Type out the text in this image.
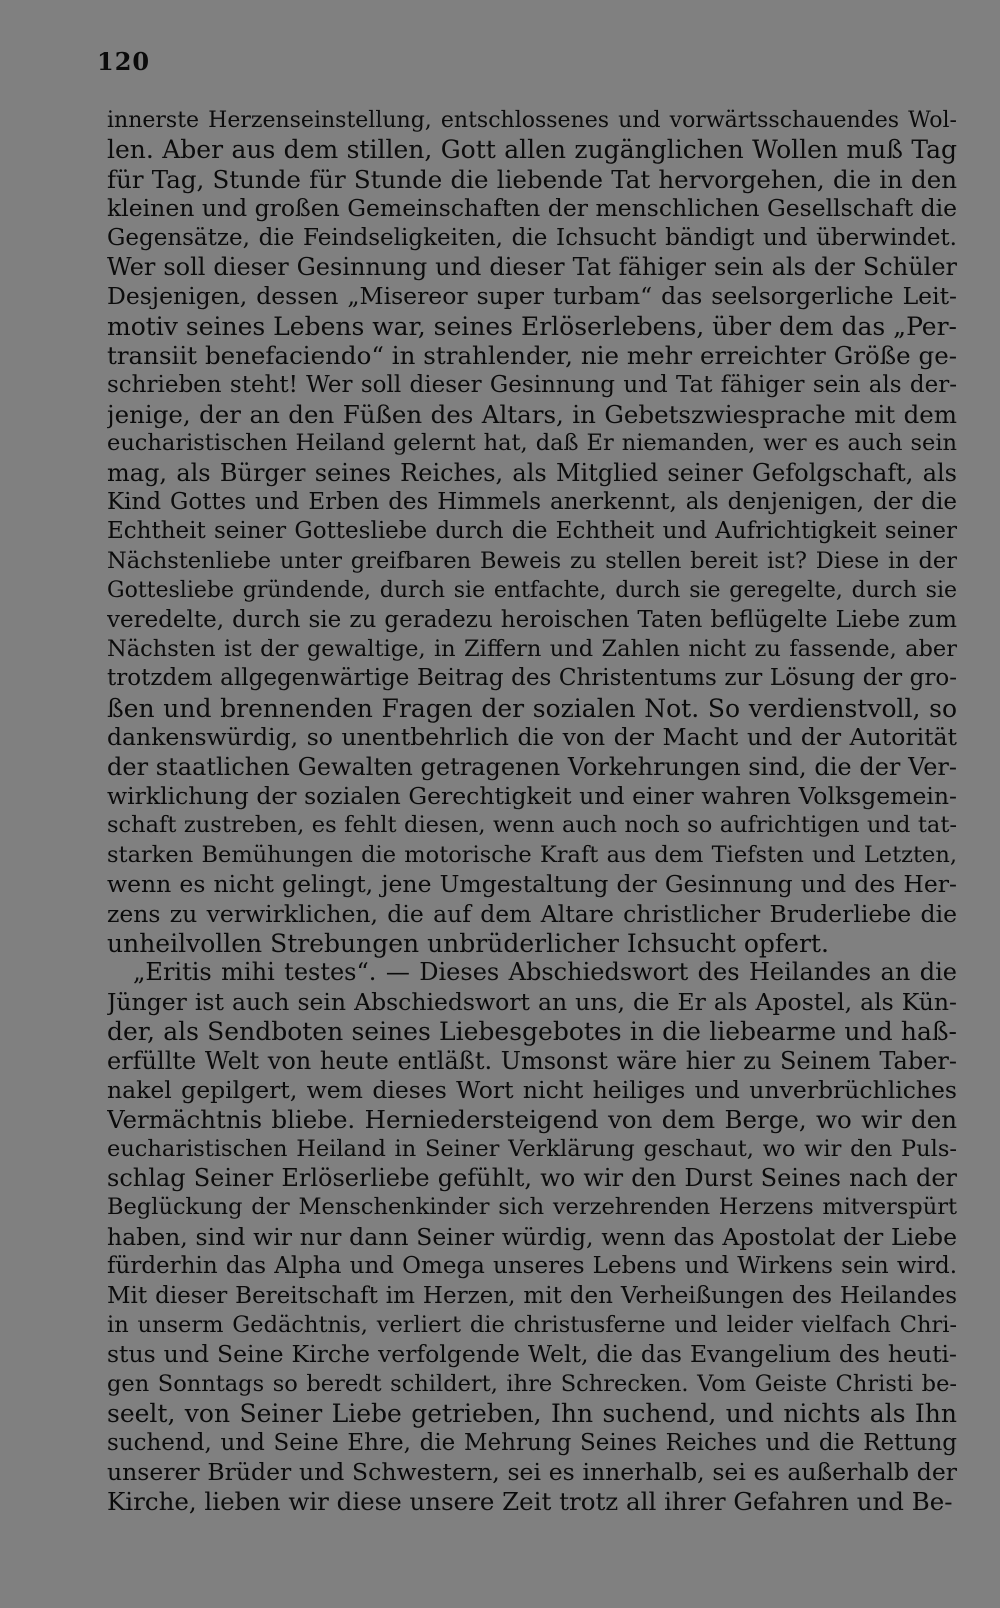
120
innerste Herzenseinstellung, entschlossenes und vorwärtsschauendes Wol-
len. Aber aus dem stillen, Gott allen zugänglichen Wollen muß Tag
für Tag, Stunde für Stunde die liebende Tat hervorgehen, die in den
kleinen und großen Gemeinschaften der menschlichen Gesellschaft die
Gegensätze, die Feindseligkeiten, die Ichsucht bändigt und überwindet.
Wer soll dieser Gesinnung und dieser Tat fähiger sein als der Schüler
Desjenigen, dessen „Misereor super turbam“ das seelsorgerliche Leit-
motiv seines Lebens war, seines Erlöserlebens, über dem das „Per-
transiit benefaciendo“ in strahlender, nie mehr erreichter Größe ge-
schrieben steht! Wer soll dieser Gesinnung und Tat fähiger sein als der-
jenige, der an den Füßen des Altars, in Gebetszwiesprache mit dem
eucharistischen Heiland gelernt hat, daß Er niemanden, wer es auch sein
mag, als Bürger seines Reiches, als Mitglied seiner Gefolgschaft, als
Kind Gottes und Erben des Himmels anerkennt, als denjenigen, der die
Echtheit seiner Gottesliebe durch die Echtheit und Aufrichtigkeit seiner
Nächstenliebe unter greifbaren Beweis zu stellen bereit ist? Diese in der
Gottesliebe gründende, durch sie entfachte, durch sie geregelte, durch sie
veredelte, durch sie zu geradezu heroischen Taten beflügelte Liebe zum
Nächsten ist der gewaltige, in Ziffern und Zahlen nicht zu fassende, aber
trotzdem allgegenwärtige Beitrag des Christentums zur Lösung der gro-
ßen und brennenden Fragen der sozialen Not. So verdienstvoll, so
dankenswürdig, so unentbehrlich die von der Macht und der Autorität
der staatlichen Gewalten getragenen Vorkehrungen sind, die der Ver-
wirklichung der sozialen Gerechtigkeit und einer wahren Volksgemein-
schaft zustreben, es fehlt diesen, wenn auch noch so aufrichtigen und tat-
starken Bemühungen die motorische Kraft aus dem Tiefsten und Letzten,
wenn es nicht gelingt, jene Umgestaltung der Gesinnung und des Her-
zens zu verwirklichen, die auf dem Altare christlicher Bruderliebe die
unheilvollen Strebungen unbrüderlicher Ichsucht opfert.
„Eritis mihi testes“. — Dieses Abschiedswort des Heilandes an die
Jünger ist auch sein Abschiedswort an uns, die Er als Apostel, als Kün-
der, als Sendboten seines Liebesgebotes in die liebearme und haß-
erfüllte Welt von heute entläßt. Umsonst wäre hier zu Seinem Taber-
nakel gepilgert, wem dieses Wort nicht heiliges und unverbrüchliches
Vermächtnis bliebe. Herniedersteigend von dem Berge, wo wir den
eucharistischen Heiland in Seiner Verklärung geschaut, wo wir den Puls-
schlag Seiner Erlöserliebe gefühlt, wo wir den Durst Seines nach der
Beglückung der Menschenkinder sich verzehrenden Herzens mitverspürt
haben, sind wir nur dann Seiner würdig, wenn das Apostolat der Liebe
fürderhin das Alpha und Omega unseres Lebens und Wirkens sein wird.
Mit dieser Bereitschaft im Herzen, mit den Verheißungen des Heilandes
in unserm Gedächtnis, verliert die christusferne und leider vielfach Chri-
stus und Seine Kirche verfolgende Welt, die das Evangelium des heuti-
gen Sonntags so beredt schildert, ihre Schrecken. Vom Geiste Christi be-
seelt, von Seiner Liebe getrieben, Ihn suchend, und nichts als Ihn
suchend, und Seine Ehre, die Mehrung Seines Reiches und die Rettung
unserer Brüder und Schwestern, sei es innerhalb, sei es außerhalb der
Kirche, lieben wir diese unsere Zeit trotz all ihrer Gefahren und Be-
